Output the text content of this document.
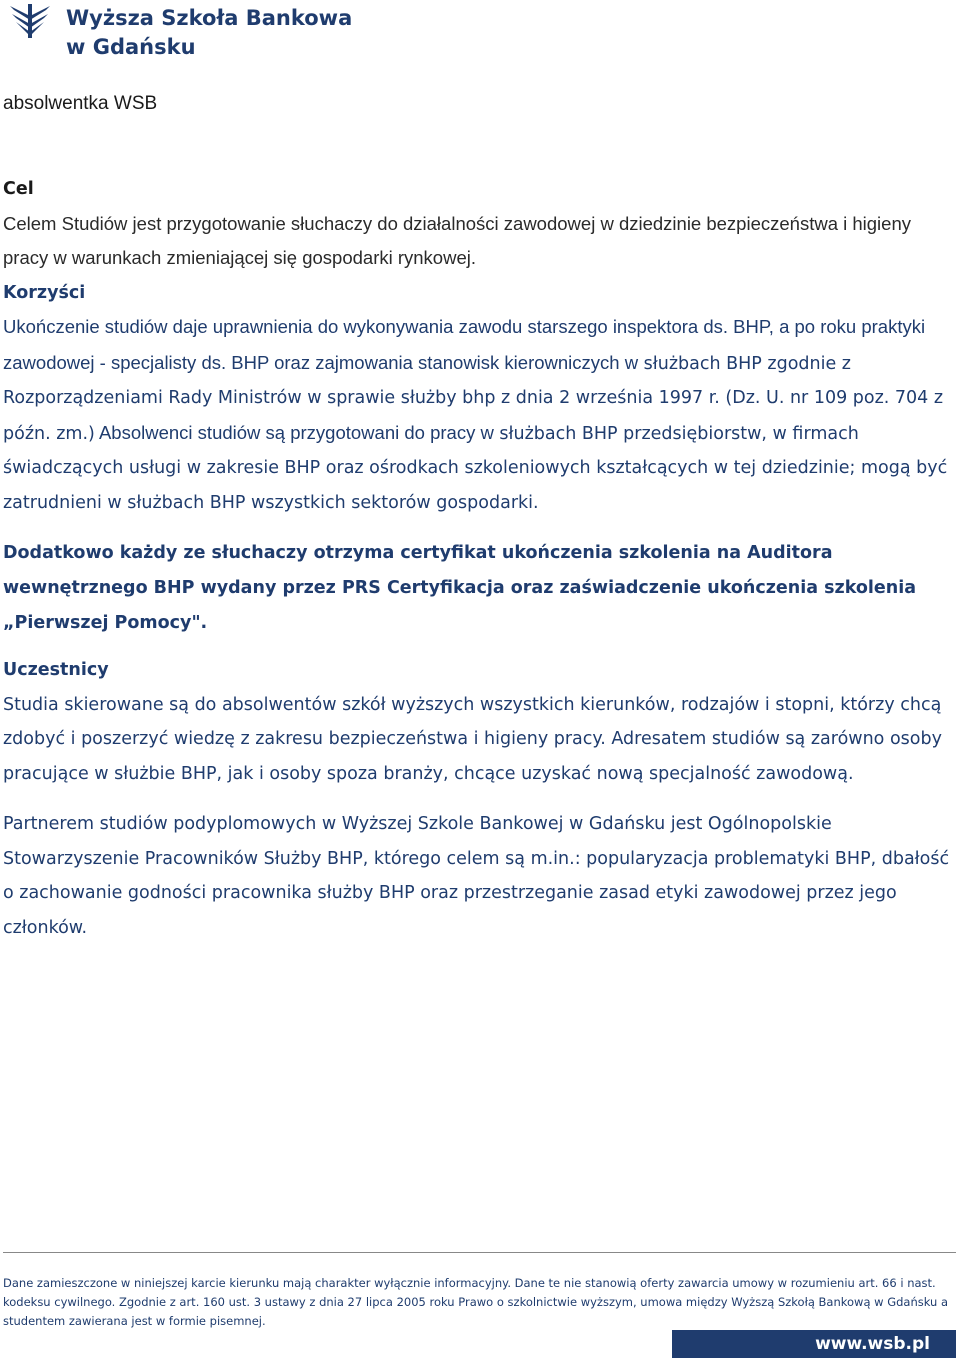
Wyższa Szkoła Bankowa
w Gdańsku
absolwentka WSB
Cel
Celem Studiów jest przygotowanie słuchaczy do działalności zawodowej w dziedzinie bezpieczeństwa i higieny pracy w warunkach zmieniającej się gospodarki rynkowej.
Korzyści
Ukończenie studiów daje uprawnienia do wykonywania zawodu starszego inspektora ds. BHP, a po roku praktyki zawodowej - specjalisty ds. BHP oraz zajmowania stanowisk kierowniczych w służbach BHP zgodnie z Rozporządzeniami Rady Ministrów w sprawie służby bhp z dnia 2 września 1997 r. (Dz. U. nr 109 poz. 704 z późn. zm.) Absolwenci studiów są przygotowani do pracy w służbach BHP przedsiębiorstw, w firmach świadczących usługi w zakresie BHP oraz ośrodkach szkoleniowych kształcących w tej dziedzinie; mogą być zatrudnieni w służbach BHP wszystkich sektorów gospodarki.
Dodatkowo każdy ze słuchaczy otrzyma certyfikat ukończenia szkolenia na Auditora wewnętrznego BHP wydany przez PRS Certyfikacja oraz zaświadczenie ukończenia szkolenia „Pierwszej Pomocy".
Uczestnicy
Studia skierowane są do absolwentów szkół wyższych wszystkich kierunków, rodzajów i stopni, którzy chcą zdobyć i poszerzyć wiedzę z zakresu bezpieczeństwa i higieny pracy. Adresatem studiów są zarówno osoby pracujące w służbie BHP, jak i osoby spoza branży, chcące uzyskać nową specjalność zawodową.
Partnerem studiów podyplomowych w Wyższej Szkole Bankowej w Gdańsku jest Ogólnopolskie Stowarzyszenie Pracowników Służby BHP, którego celem są m.in.: popularyzacja problematyki BHP, dbałość o zachowanie godności pracownika służby BHP oraz przestrzeganie zasad etyki zawodowej przez jego członków.
Dane zamieszczone w niniejszej karcie kierunku mają charakter wyłącznie informacyjny. Dane te nie stanowią oferty zawarcia umowy w rozumieniu art. 66 i nast. kodeksu cywilnego. Zgodnie z art. 160 ust. 3 ustawy z dnia 27 lipca 2005 roku Prawo o szkolnictwie wyższym, umowa między Wyższą Szkołą Bankową w Gdańsku a studentem zawierana jest w formie pisemnej.
www.wsb.pl
